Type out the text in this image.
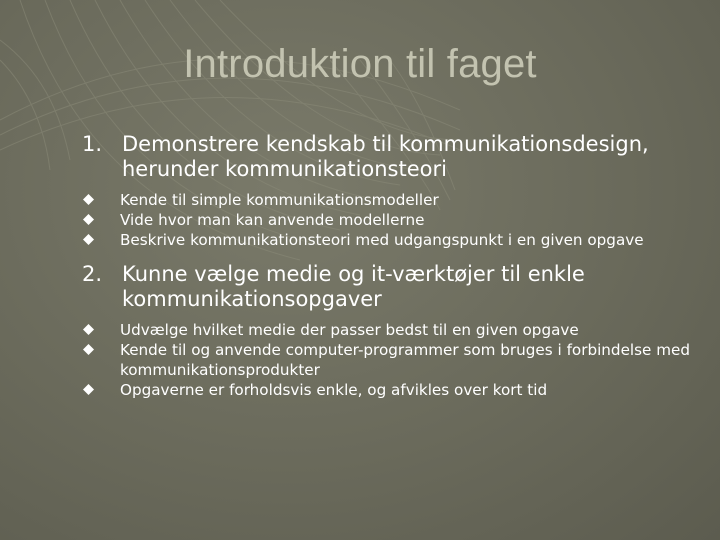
Introduktion til faget
1. Demonstrere kendskab til kommunikationsdesign, herunder kommunikationsteori
Kende til simple kommunikationsmodeller
Vide hvor man kan anvende modellerne
Beskrive kommunikationsteori med udgangspunkt i en given opgave
2. Kunne vælge medie og it-værktøjer til enkle kommunikationsopgaver
Udvælge hvilket medie der passer bedst til en given opgave
Kende til og anvende computer-programmer som bruges i forbindelse med kommunikationsprodukter
Opgaverne er forholdsvis enkle, og afvikles over kort tid
